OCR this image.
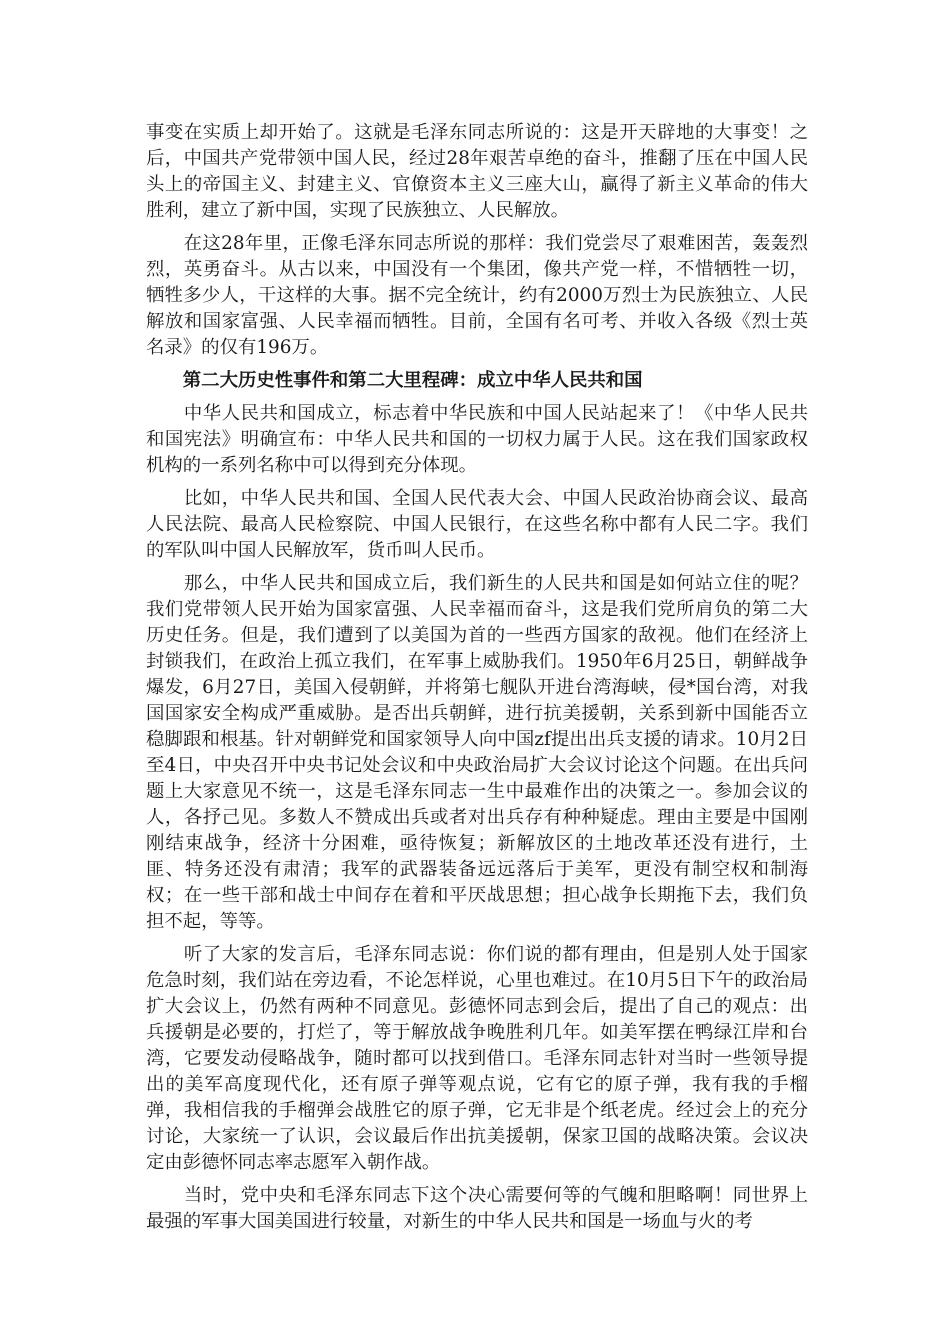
事变在实质上却开始了。这就是毛泽东同志所说的：这是开天辟地的大事变！之后，中国共产党带领中国人民，经过28年艰苦卓绝的奋斗，推翻了压在中国人民头上的帝国主义、封建主义、官僚资本主义三座大山，赢得了新主义革命的伟大胜利，建立了新中国，实现了民族独立、人民解放。

　　在这28年里，正像毛泽东同志所说的那样：我们党尝尽了艰难困苦，轰轰烈烈，英勇奋斗。从古以来，中国没有一个集团，像共产党一样，不惜牺牲一切，牺牲多少人，干这样的大事。据不完全统计，约有2000万烈士为民族独立、人民解放和国家富强、人民幸福而牺牲。目前，全国有名可考、并收入各级《烈士英名录》的仅有196万。

　　第二大历史性事件和第二大里程碑：成立中华人民共和国

　　中华人民共和国成立，标志着中华民族和中国人民站起来了！《中华人民共和国宪法》明确宣布：中华人民共和国的一切权力属于人民。这在我们国家政权机构的一系列名称中可以得到充分体现。

　　比如，中华人民共和国、全国人民代表大会、中国人民政治协商会议、最高人民法院、最高人民检察院、中国人民银行，在这些名称中都有人民二字。我们的军队叫中国人民解放军，货币叫人民币。

　　那么，中华人民共和国成立后，我们新生的人民共和国是如何站立住的呢？我们党带领人民开始为国家富强、人民幸福而奋斗，这是我们党所肩负的第二大历史任务。但是，我们遭到了以美国为首的一些西方国家的敌视。他们在经济上封锁我们，在政治上孤立我们，在军事上威胁我们。1950年6月25日，朝鲜战争爆发，6月27日，美国入侵朝鲜，并将第七舰队开进台湾海峡，侵*国台湾，对我国国家安全构成严重威胁。是否出兵朝鲜，进行抗美援朝，关系到新中国能否立稳脚跟和根基。针对朝鲜党和国家领导人向中国zf提出出兵支援的请求。10月2日至4日，中央召开中央书记处会议和中央政治局扩大会议讨论这个问题。在出兵问题上大家意见不统一，这是毛泽东同志一生中最难作出的决策之一。参加会议的人，各抒己见。多数人不赞成出兵或者对出兵存有种种疑虑。理由主要是中国刚刚结束战争，经济十分困难，亟待恢复；新解放区的土地改革还没有进行，土匪、特务还没有肃清；我军的武器装备远远落后于美军，更没有制空权和制海权；在一些干部和战士中间存在着和平厌战思想；担心战争长期拖下去，我们负担不起，等等。

　　听了大家的发言后，毛泽东同志说：你们说的都有理由，但是别人处于国家危急时刻，我们站在旁边看，不论怎样说，心里也难过。在10月5日下午的政治局扩大会议上，仍然有两种不同意见。彭德怀同志到会后，提出了自己的观点：出兵援朝是必要的，打烂了，等于解放战争晚胜利几年。如美军摆在鸭绿江岸和台湾，它要发动侵略战争，随时都可以找到借口。毛泽东同志针对当时一些领导提出的美军高度现代化，还有原子弹等观点说，它有它的原子弹，我有我的手榴弹，我相信我的手榴弹会战胜它的原子弹，它无非是个纸老虎。经过会上的充分讨论，大家统一了认识，会议最后作出抗美援朝，保家卫国的战略决策。会议决定由彭德怀同志率志愿军入朝作战。

　　当时，党中央和毛泽东同志下这个决心需要何等的气魄和胆略啊！同世界上最强的军事大国美国进行较量，对新生的中华人民共和国是一场血与火的考
